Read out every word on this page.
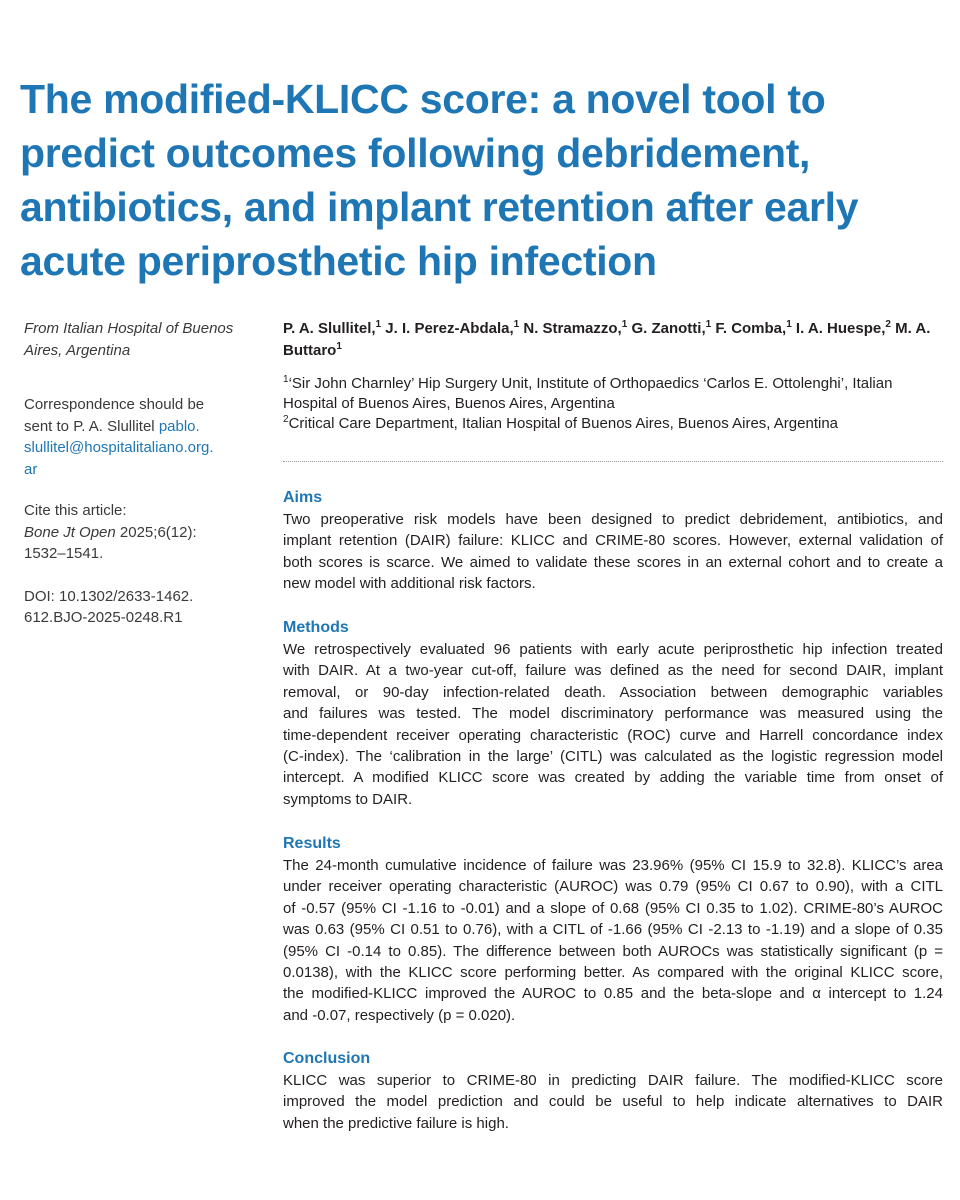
The modified-KLICC score: a novel tool to
predict outcomes following debridement,
antibiotics, and implant retention after early
acute periprosthetic hip infection
From Italian Hospital of Buenos
Aires, Argentina
Correspondence should be
sent to P. A. Slullitel pablo.
slullitel@hospitalitaliano.org.
ar
Cite this article:
Bone Jt Open 2025;6(12):
1532–1541.
DOI: 10.1302/2633-1462.
612.BJO-2025-0248.R1
P. A. Slullitel,$^1$ J. I. Perez-Abdala,$^1$ N. Stramazzo,$^1$ G. Zanotti,$^1$ F. Comba,$^1$ I. A. Huespe,$^2$ M. A.
Buttaro$^1$
$^1$‘Sir John Charnley’ Hip Surgery Unit, Institute of Orthopaedics ‘Carlos E. Ottolenghi’, Italian
Hospital of Buenos Aires, Buenos Aires, Argentina
$^2$Critical Care Department, Italian Hospital of Buenos Aires, Buenos Aires, Argentina
Aims
Two preoperative risk models have been designed to predict debridement, antibiotics, and
implant retention (DAIR) failure: KLICC and CRIME-80 scores. However, external validation of
both scores is scarce. We aimed to validate these scores in an external cohort and to create a
new model with additional risk factors.
Methods
We retrospectively evaluated 96 patients with early acute periprosthetic hip infection treated
with DAIR. At a two-year cut-off, failure was defined as the need for second DAIR, implant
removal, or 90-day infection-related death. Association between demographic variables
and failures was tested. The model discriminatory performance was measured using the
time-dependent receiver operating characteristic (ROC) curve and Harrell concordance index
(C-index). The ‘calibration in the large’ (CITL) was calculated as the logistic regression model
intercept. A modified KLICC score was created by adding the variable time from onset of
symptoms to DAIR.
Results
The 24-month cumulative incidence of failure was 23.96% (95% CI 15.9 to 32.8). KLICC’s area
under receiver operating characteristic (AUROC) was 0.79 (95% CI 0.67 to 0.90), with a CITL
of -0.57 (95% CI -1.16 to -0.01) and a slope of 0.68 (95% CI 0.35 to 1.02). CRIME-80’s AUROC
was 0.63 (95% CI 0.51 to 0.76), with a CITL of -1.66 (95% CI -2.13 to -1.19) and a slope of 0.35
(95% CI -0.14 to 0.85). The difference between both AUROCs was statistically significant (p =
0.0138), with the KLICC score performing better. As compared with the original KLICC score,
the modified-KLICC improved the AUROC to 0.85 and the beta-slope and α intercept to 1.24
and -0.07, respectively (p = 0.020).
Conclusion
KLICC was superior to CRIME-80 in predicting DAIR failure. The modified-KLICC score
improved the model prediction and could be useful to help indicate alternatives to DAIR
when the predictive failure is high.
